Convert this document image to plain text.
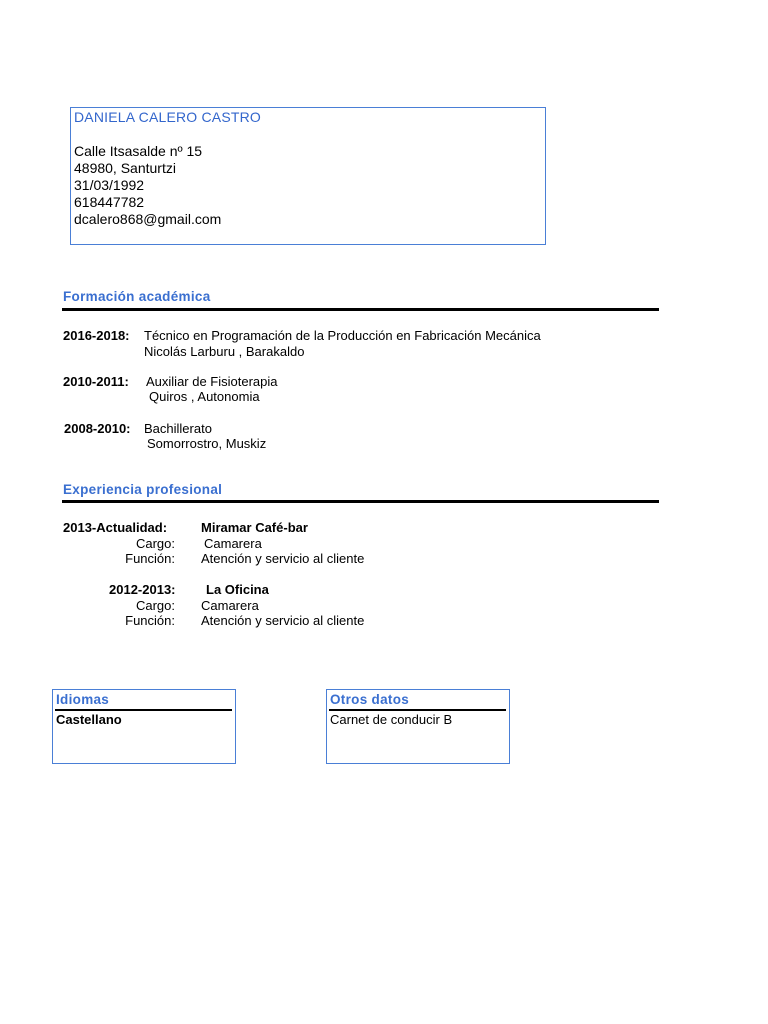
DANIELA CALERO CASTRO
Calle Itsasalde nº 15
48980, Santurtzi
31/03/1992
618447782
dcalero868@gmail.com
Formación académica
2016-2018: Técnico en Programación de la Producción en Fabricación Mecánica
Nicolás Larburu , Barakaldo
2010-2011: Auxiliar de Fisioterapia
Quiros , Autonomia
2008-2010: Bachillerato
Somorrostro, Muskiz
Experiencia profesional
2013-Actualidad:	Miramar Café-bar
Cargo: Camarera
Función: Atención y servicio al cliente
2012-2013: La Oficina
Cargo: Camarera
Función: Atención y servicio al cliente
Idiomas
Castellano
Otros datos
Carnet de conducir B
